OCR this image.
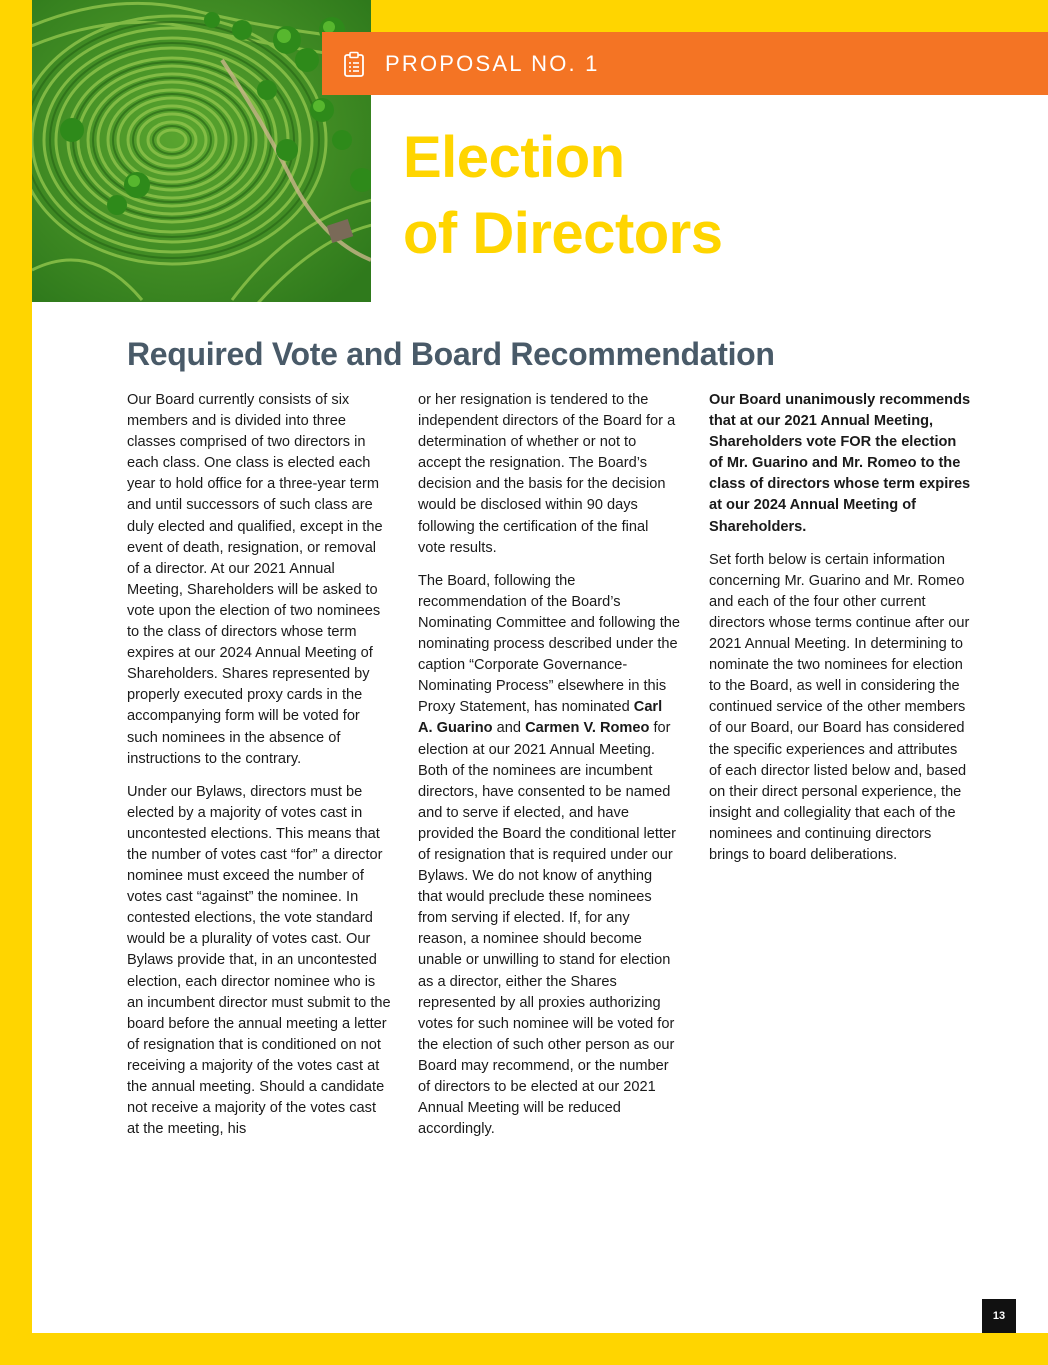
PROPOSAL NO. 1
Election
of Directors
Required Vote and Board Recommendation

Our Board currently consists of six members and is divided into three classes comprised of two directors in each class. One class is elected each year to hold office for a three-year term and until successors of such class are duly elected and qualified, except in the event of death, resignation, or removal of a director. At our 2021 Annual Meeting, Shareholders will be asked to vote upon the election of two nominees to the class of directors whose term expires at our 2024 Annual Meeting of Shareholders. Shares represented by properly executed proxy cards in the accompanying form will be voted for such nominees in the absence of instructions to the contrary.

Under our Bylaws, directors must be elected by a majority of votes cast in uncontested elections. This means that the number of votes cast “for” a director nominee must exceed the number of votes cast “against” the nominee. In contested elections, the vote standard would be a plurality of votes cast. Our Bylaws provide that, in an uncontested election, each director nominee who is an incumbent director must submit to the board before the annual meeting a letter of resignation that is conditioned on not receiving a majority of the votes cast at the annual meeting. Should a candidate not receive a majority of the votes cast at the meeting, his

or her resignation is tendered to the independent directors of the Board for a determination of whether or not to accept the resignation. The Board’s decision and the basis for the decision would be disclosed within 90 days following the certification of the final vote results.

The Board, following the recommendation of the Board’s Nominating Committee and following the nominating process described under the caption “Corporate Governance-Nominating Process” elsewhere in this Proxy Statement, has nominated Carl A. Guarino and Carmen V. Romeo for election at our 2021 Annual Meeting. Both of the nominees are incumbent directors, have consented to be named and to serve if elected, and have provided the Board the conditional letter of resignation that is required under our Bylaws. We do not know of anything that would preclude these nominees from serving if elected. If, for any reason, a nominee should become unable or unwilling to stand for election as a director, either the Shares represented by all proxies authorizing votes for such nominee will be voted for the election of such other person as our Board may recommend, or the number of directors to be elected at our 2021 Annual Meeting will be reduced accordingly.

Our Board unanimously recommends that at our 2021 Annual Meeting, Shareholders vote FOR the election of Mr. Guarino and Mr. Romeo to the class of directors whose term expires at our 2024 Annual Meeting of Shareholders.

Set forth below is certain information concerning Mr. Guarino and Mr. Romeo and each of the four other current directors whose terms continue after our 2021 Annual Meeting. In determining to nominate the two nominees for election to the Board, as well in considering the continued service of the other members of our Board, our Board has considered the specific experiences and attributes of each director listed below and, based on their direct personal experience, the insight and collegiality that each of the nominees and continuing directors brings to board deliberations.

13
